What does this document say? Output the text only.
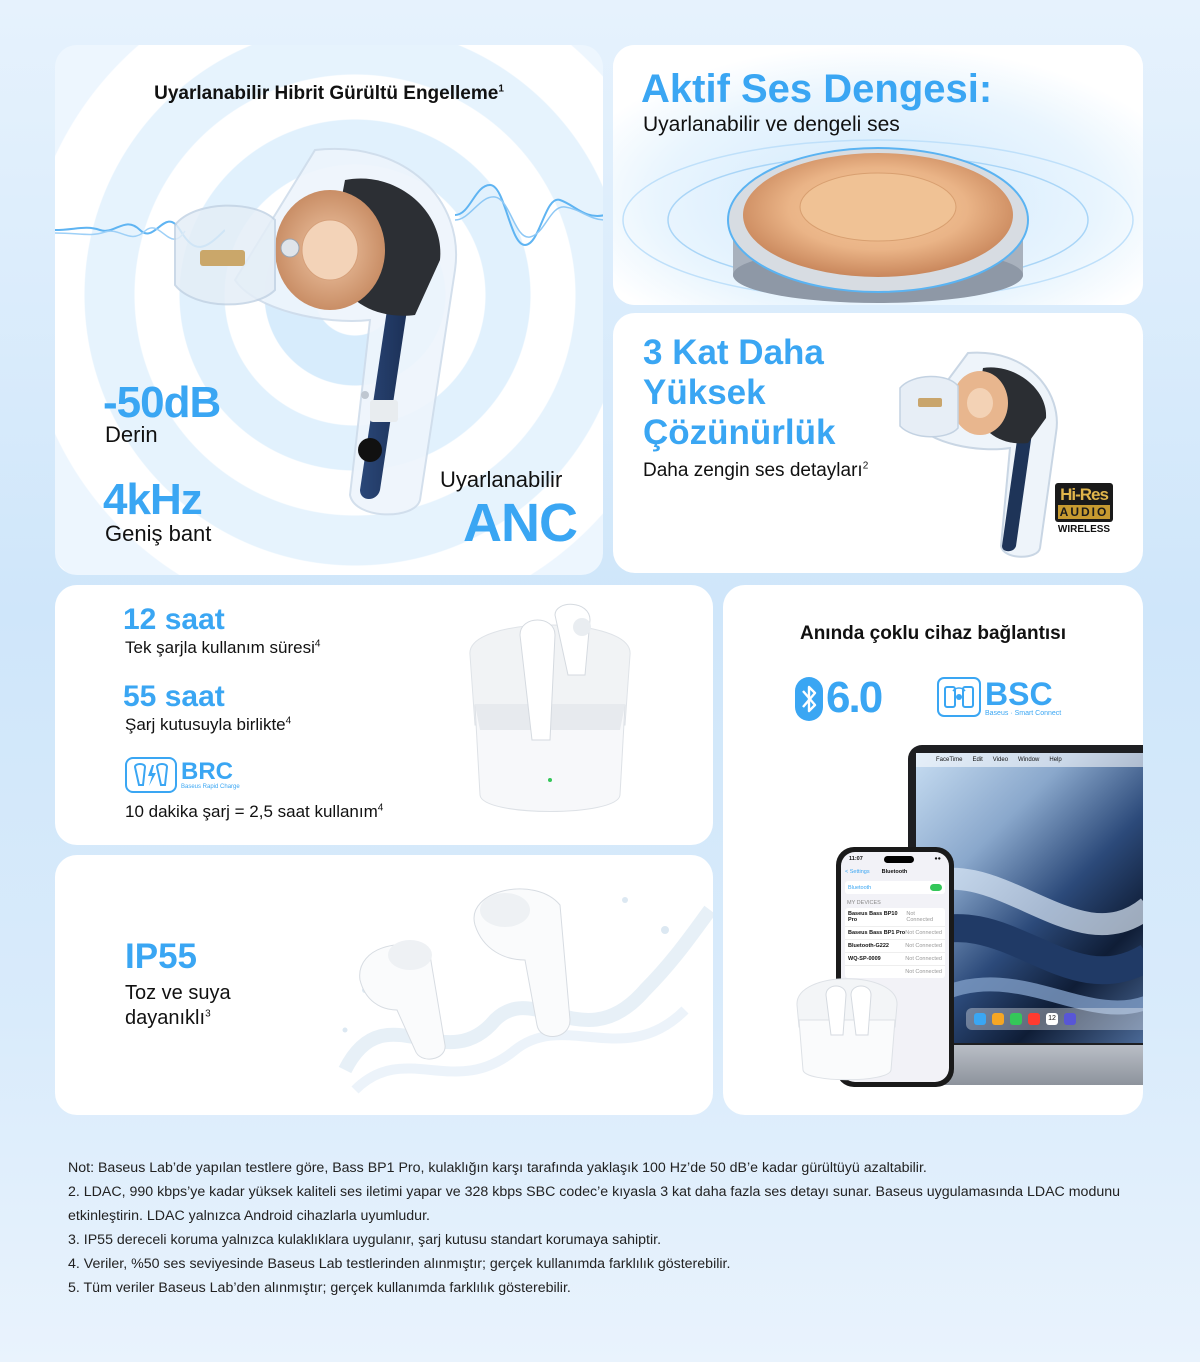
Uyarlanabilir Hibrit Gürültü Engelleme$^1$
-50dB
Derin
4kHz
Geniş bant
Uyarlanabilir
ANC
Aktif Ses Dengesi:
Uyarlanabilir ve dengeli ses
3 Kat Daha
Yüksek
Çözünürlük
Daha zengin ses detayları$^2$
Hi-Res
AUDIO
WIRELESS
12 saat
Tek şarjla kullanım süresi$^4$
55 saat
Şarj kutusuyla birlikte$^4$
BRC
Baseus Rapid Charge
10 dakika şarj = 2,5 saat kullanım$^4$
IP55
Toz ve suya dayanıklı$^3$
Anında çoklu cihaz bağlantısı
6.0	BSC
Baseus · Smart Connect
FaceTime Edit Video Window Help
12
11:07	●●
< Settings Bluetooth
Bluetooth
MY DEVICES
Baseus Bass BP10 Pro
Not Connected
Baseus Bass BP1 Pro Not Connected
Bluetooth-G222	Not Connected
WQ-SP-0009	Not Connected
Not Connected

Not: Baseus Lab’de yapılan testlere göre, Bass BP1 Pro, kulaklığın karşı tarafında yaklaşık 100 Hz’de 50 dB’e kadar gürültüyü azaltabilir.

2. LDAC, 990 kbps’ye kadar yüksek kaliteli ses iletimi yapar ve 328 kbps SBC codec’e kıyasla 3 kat daha fazla ses detayı sunar. Baseus uygulamasında LDAC modunu etkinleştirin. LDAC yalnızca Android cihazlarla uyumludur.

3. IP55 dereceli koruma yalnızca kulaklıklara uygulanır, şarj kutusu standart korumaya sahiptir.

4. Veriler, %50 ses seviyesinde Baseus Lab testlerinden alınmıştır; gerçek kullanımda farklılık gösterebilir.

5. Tüm veriler Baseus Lab’den alınmıştır; gerçek kullanımda farklılık gösterebilir.
